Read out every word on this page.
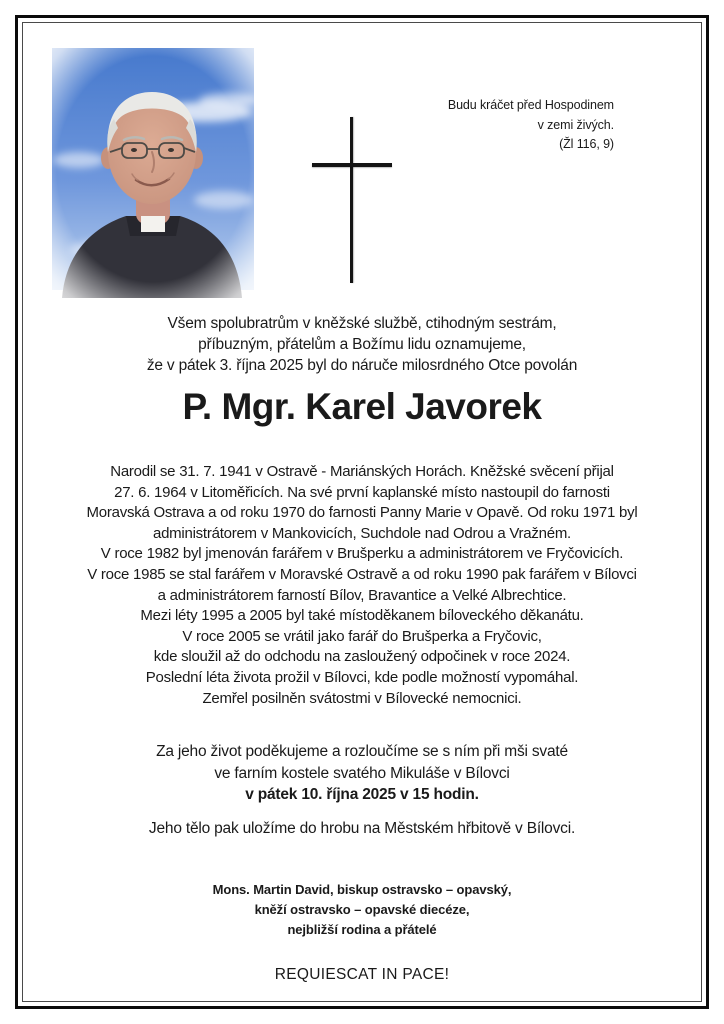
Budu kráčet před Hospodinem
v zemi živých.
(Žl 116, 9)
Všem spolubratrům v kněžské službě, ctihodným sestrám,
příbuzným, přátelům a Božímu lidu oznamujeme,
že v pátek 3. října 2025 byl do náruče milosrdného Otce povolán
P. Mgr. Karel Javorek
Narodil se 31. 7. 1941 v Ostravě - Mariánských Horách. Kněžské svěcení přijal
27. 6. 1964 v Litoměřicích. Na své první kaplanské místo nastoupil do farnosti
Moravská Ostrava a od roku 1970 do farnosti Panny Marie v Opavě. Od roku 1971 byl
administrátorem v Mankovicích, Suchdole nad Odrou a Vražném.
V roce 1982 byl jmenován farářem v Brušperku a administrátorem ve Fryčovicích.
V roce 1985 se stal farářem v Moravské Ostravě a od roku 1990 pak farářem v Bílovci
a administrátorem farností Bílov, Bravantice a Velké Albrechtice.
Mezi léty 1995 a 2005 byl také místoděkanem bíloveckého děkanátu.
V roce 2005 se vrátil jako farář do Brušperka a Fryčovic,
kde sloužil až do odchodu na zasloužený odpočinek v roce 2024.
Poslední léta života prožil v Bílovci, kde podle možností vypomáhal.
Zemřel posilněn svátostmi v Bílovecké nemocnici.
Za jeho život poděkujeme a rozloučíme se s ním při mši svaté
ve farním kostele svatého Mikuláše v Bílovci
v pátek 10. října 2025 v 15 hodin.
Jeho tělo pak uložíme do hrobu na Městském hřbitově v Bílovci.
Mons. Martin David, biskup ostravsko – opavský,
kněží ostravsko – opavské diecéze,
nejbližší rodina a přátelé
REQUIESCAT IN PACE!
